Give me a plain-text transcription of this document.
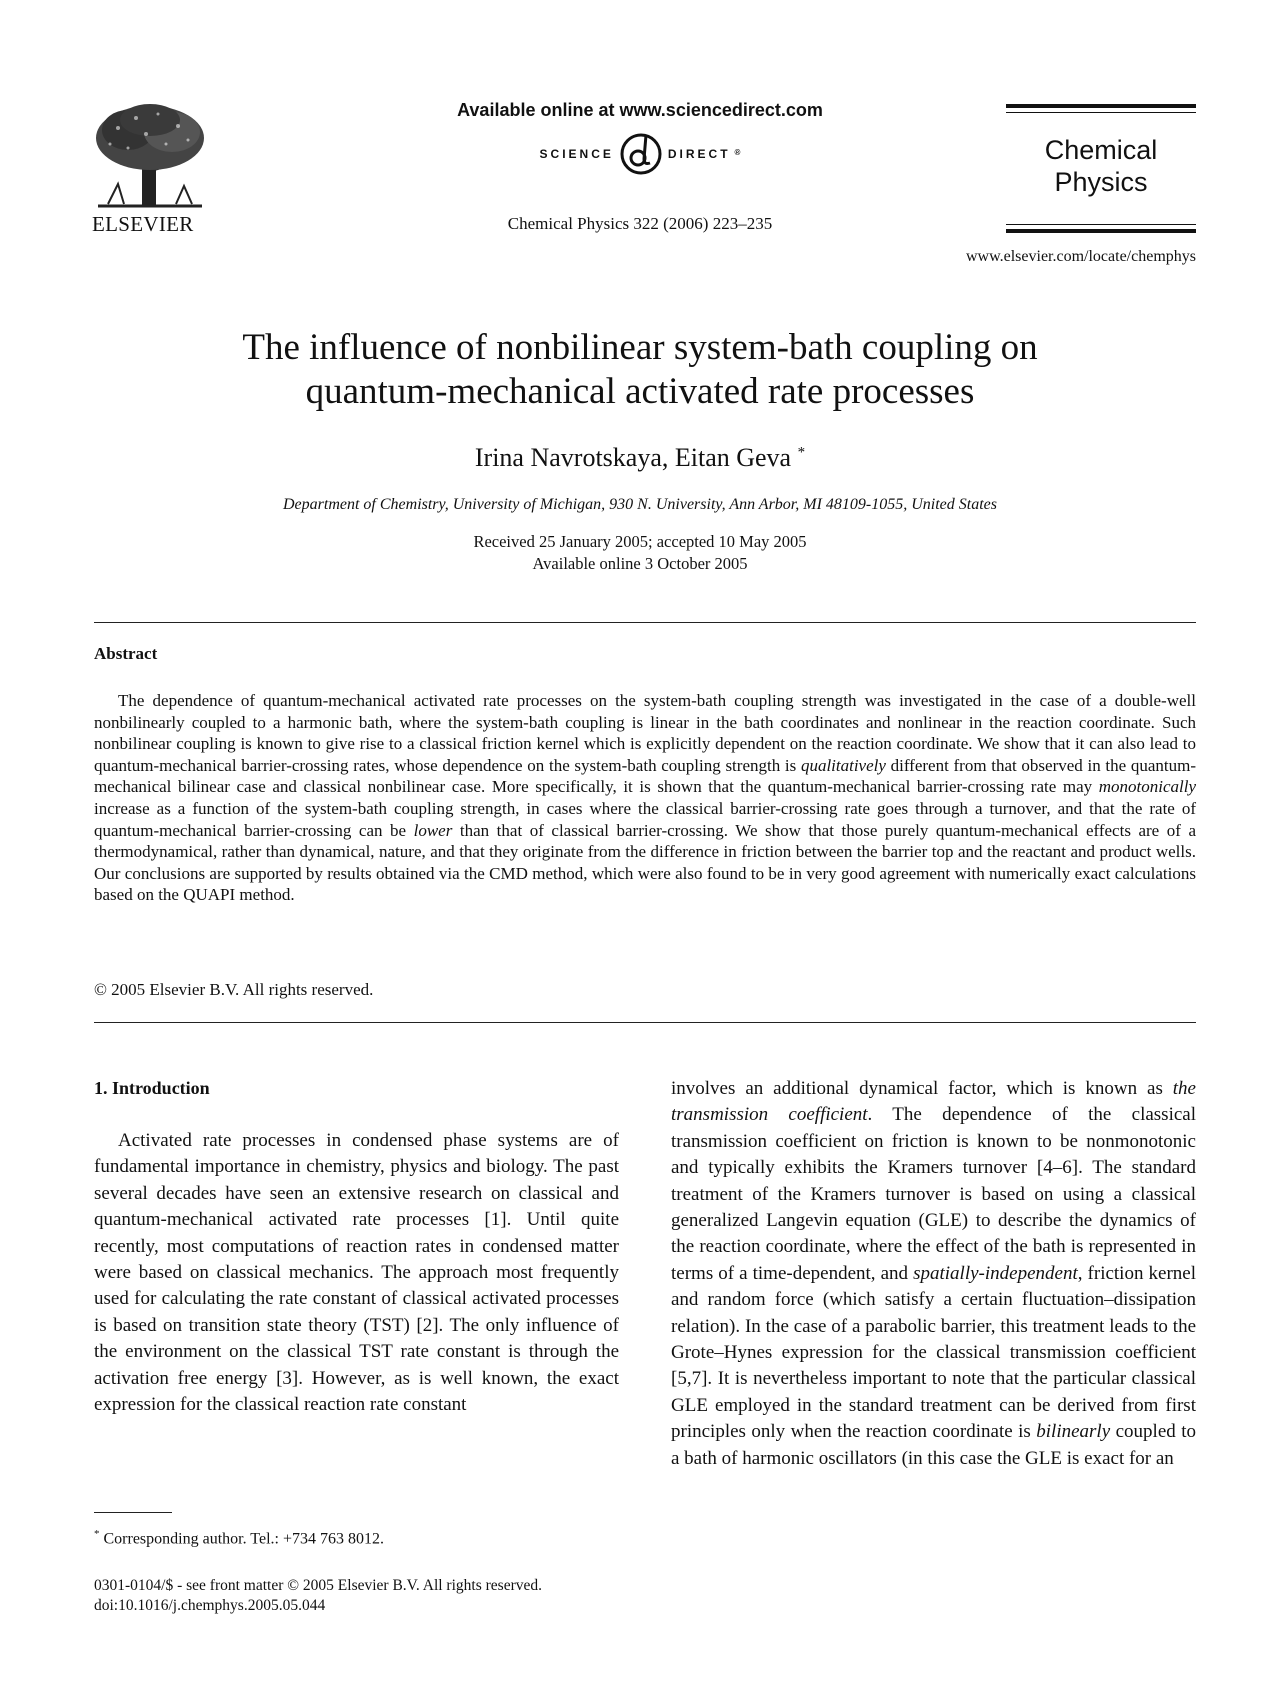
ELSEVIER
Available online at www.sciencedirect.com
SCIENCE	DIRECT ®
Chemical Physics 322 (2006) 223–235
Chemical
Physics
www.elsevier.com/locate/chemphys
The influence of nonbilinear system-bath coupling on
quantum-mechanical activated rate processes
Irina Navrotskaya, Eitan Geva *
Department of Chemistry, University of Michigan, 930 N. University, Ann Arbor, MI 48109-1055, United States
Received 25 January 2005; accepted 10 May 2005
Available online 3 October 2005
Abstract

The dependence of quantum-mechanical activated rate processes on the system-bath coupling strength was investigated in the case of a double-well nonbilinearly coupled to a harmonic bath, where the system-bath coupling is linear in the bath coordinates and nonlinear in the reaction coordinate. Such nonbilinear coupling is known to give rise to a classical friction kernel which is explicitly dependent on the reaction coordinate. We show that it can also lead to quantum-mechanical barrier-crossing rates, whose dependence on the system-bath coupling strength is qualitatively different from that observed in the quantum-mechanical bilinear case and classical nonbilinear case. More specifically, it is shown that the quantum-mechanical barrier-crossing rate may monotonically increase as a function of the system-bath coupling strength, in cases where the classical barrier-crossing rate goes through a turnover, and that the rate of quantum-mechanical barrier-crossing can be lower than that of classical barrier-crossing. We show that those purely quantum-mechanical effects are of a thermodynamical, rather than dynamical, nature, and that they originate from the difference in friction between the barrier top and the reactant and product wells. Our conclusions are supported by results obtained via the CMD method, which were also found to be in very good agreement with numerically exact calculations based on the QUAPI method.

© 2005 Elsevier B.V. All rights reserved.
1. Introduction

Activated rate processes in condensed phase systems are of fundamental importance in chemistry, physics and biology. The past several decades have seen an extensive research on classical and quantum-mechanical activated rate processes [1]. Until quite recently, most computations of reaction rates in condensed matter were based on classical mechanics. The approach most frequently used for calculating the rate constant of classical activated processes is based on transition state theory (TST) [2]. The only influence of the environment on the classical TST rate constant is through the activation free energy [3]. However, as is well known, the exact expression for the classical reaction rate constant

involves an additional dynamical factor, which is known as the transmission coefficient. The dependence of the classical transmission coefficient on friction is known to be nonmonotonic and typically exhibits the Kramers turnover [4–6]. The standard treatment of the Kramers turnover is based on using a classical generalized Langevin equation (GLE) to describe the dynamics of the reaction coordinate, where the effect of the bath is represented in terms of a time-dependent, and spatially-independent, friction kernel and random force (which satisfy a certain fluctuation–dissipation relation). In the case of a parabolic barrier, this treatment leads to the Grote–Hynes expression for the classical transmission coefficient [5,7]. It is nevertheless important to note that the particular classical GLE employed in the standard treatment can be derived from first principles only when the reaction coordinate is bilinearly coupled to a bath of harmonic oscillators (in this case the GLE is exact for an

* Corresponding author. Tel.: +734 763 8012.
0301-0104/$ - see front matter © 2005 Elsevier B.V. All rights reserved.
doi:10.1016/j.chemphys.2005.05.044
